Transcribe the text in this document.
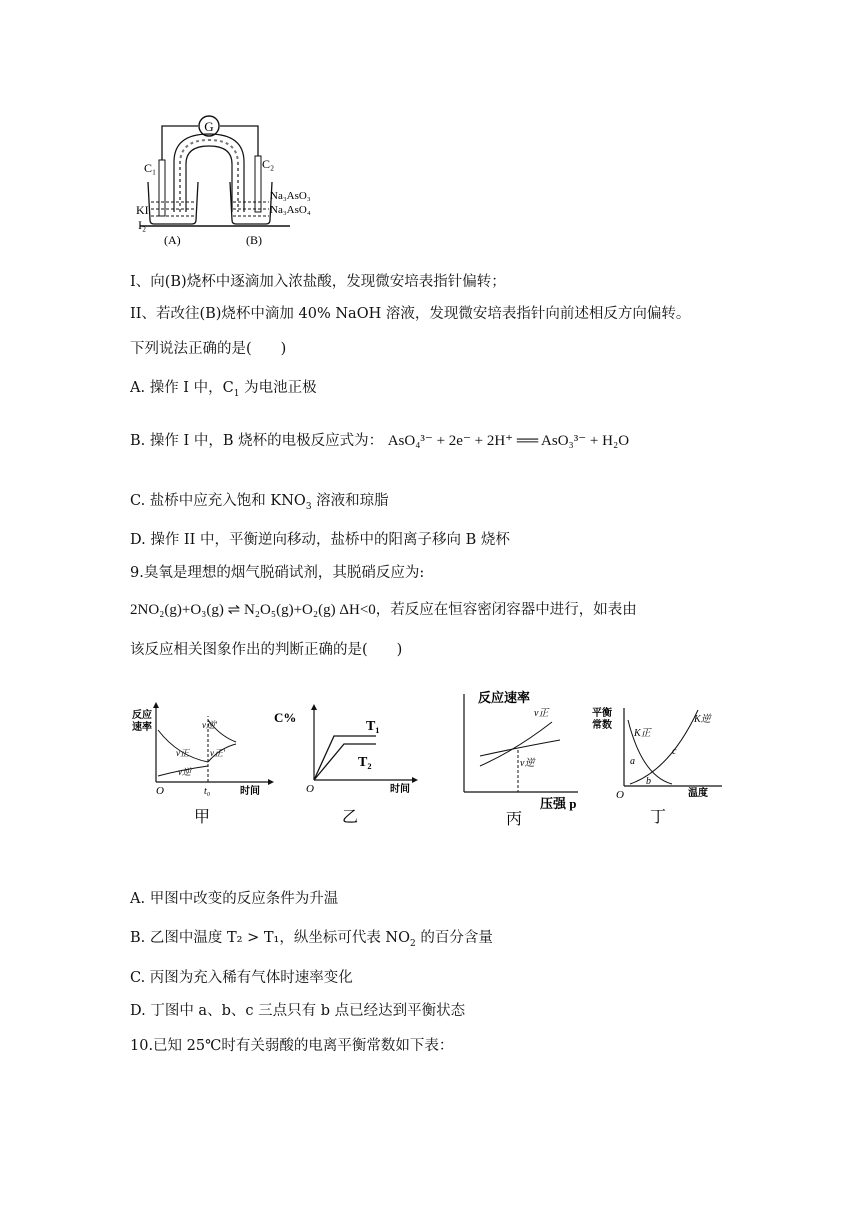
G
C₁	C₂
KI
I₂
Na₃AsO₃
Na₃AsO₄
(A)	(B)
I、向(B)烧杯中逐滴加入浓盐酸，发现微安培表指针偏转；
II、若改往(B)烧杯中滴加 40% NaOH 溶液，发现微安培表指针向前述相反方向偏转。
下列说法正确的是(　　)
A. 操作 I 中，$C_1$ 为电池正极
B. 操作 I 中，B 烧杯的电极反应式为： AsO₄³⁻ + 2e⁻ + 2H⁺ ══ AsO₃³⁻ + H₂O
C. 盐桥中应充入饱和 $KNO_3$ 溶液和琼脂
D. 操作 II 中，平衡逆向移动，盐桥中的阳离子移向 B 烧杯
9.臭氧是理想的烟气脱硝试剂，其脱硝反应为:
2NO₂(g)+O₃(g) ⇌ N₂O₅(g)+O₂(g) ΔH<0，若反应在恒容密闭容器中进行，如表由
该反应相关图象作出的判断正确的是(　　)
反应
速率
时间
O	t₀
v逆'
v正
v逆
v正'
甲
C%
时间
O
T₁
T₂
乙
反应速率
压强 p
v正
v逆
丙
平衡
常数
温度
O
K正
K逆
a
b
c
丁
A. 甲图中改变的反应条件为升温
B. 乙图中温度 T₂ > T₁，纵坐标可代表 $NO_2$ 的百分含量
C. 丙图为充入稀有气体时速率变化
D. 丁图中 a、b、c 三点只有 b 点已经达到平衡状态
10.已知 25℃时有关弱酸的电离平衡常数如下表：
